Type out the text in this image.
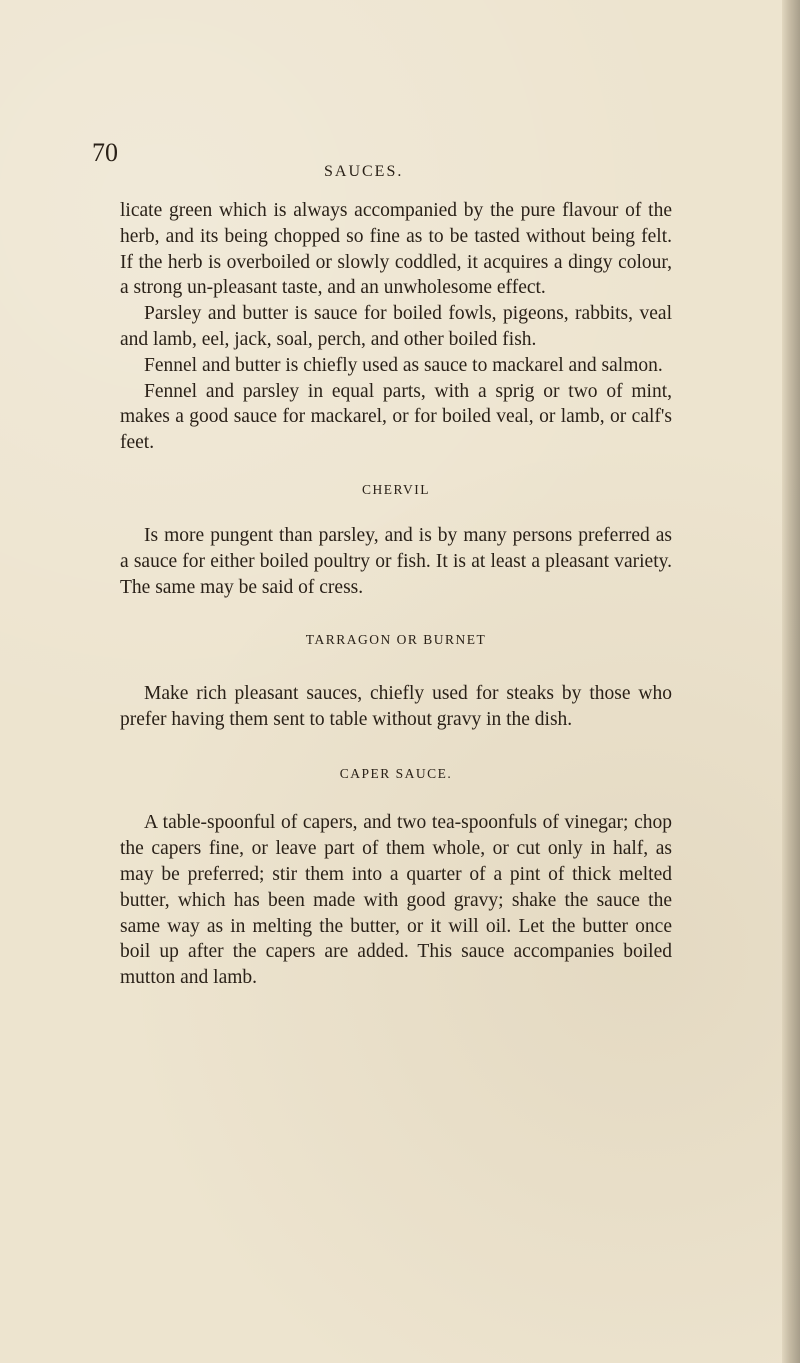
70
SAUCES.

licate green which is always accompanied by the pure flavour of the herb, and its being chopped so fine as to be tasted without being felt. If the herb is overboiled or slowly coddled, it acquires a dingy colour, a strong un-pleasant taste, and an unwholesome effect.

Parsley and butter is sauce for boiled fowls, pigeons, rabbits, veal and lamb, eel, jack, soal, perch, and other boiled fish.

Fennel and butter is chiefly used as sauce to mackarel and salmon.

Fennel and parsley in equal parts, with a sprig or two of mint, makes a good sauce for mackarel, or for boiled veal, or lamb, or calf's feet.

CHERVIL

Is more pungent than parsley, and is by many persons preferred as a sauce for either boiled poultry or fish. It is at least a pleasant variety. The same may be said of cress.

TARRAGON OR BURNET

Make rich pleasant sauces, chiefly used for steaks by those who prefer having them sent to table without gravy in the dish.

CAPER SAUCE.

A table-spoonful of capers, and two tea-spoonfuls of vinegar; chop the capers fine, or leave part of them whole, or cut only in half, as may be preferred; stir them into a quarter of a pint of thick melted butter, which has been made with good gravy; shake the sauce the same way as in melting the butter, or it will oil. Let the butter once boil up after the capers are added. This sauce accompanies boiled mutton and lamb.
